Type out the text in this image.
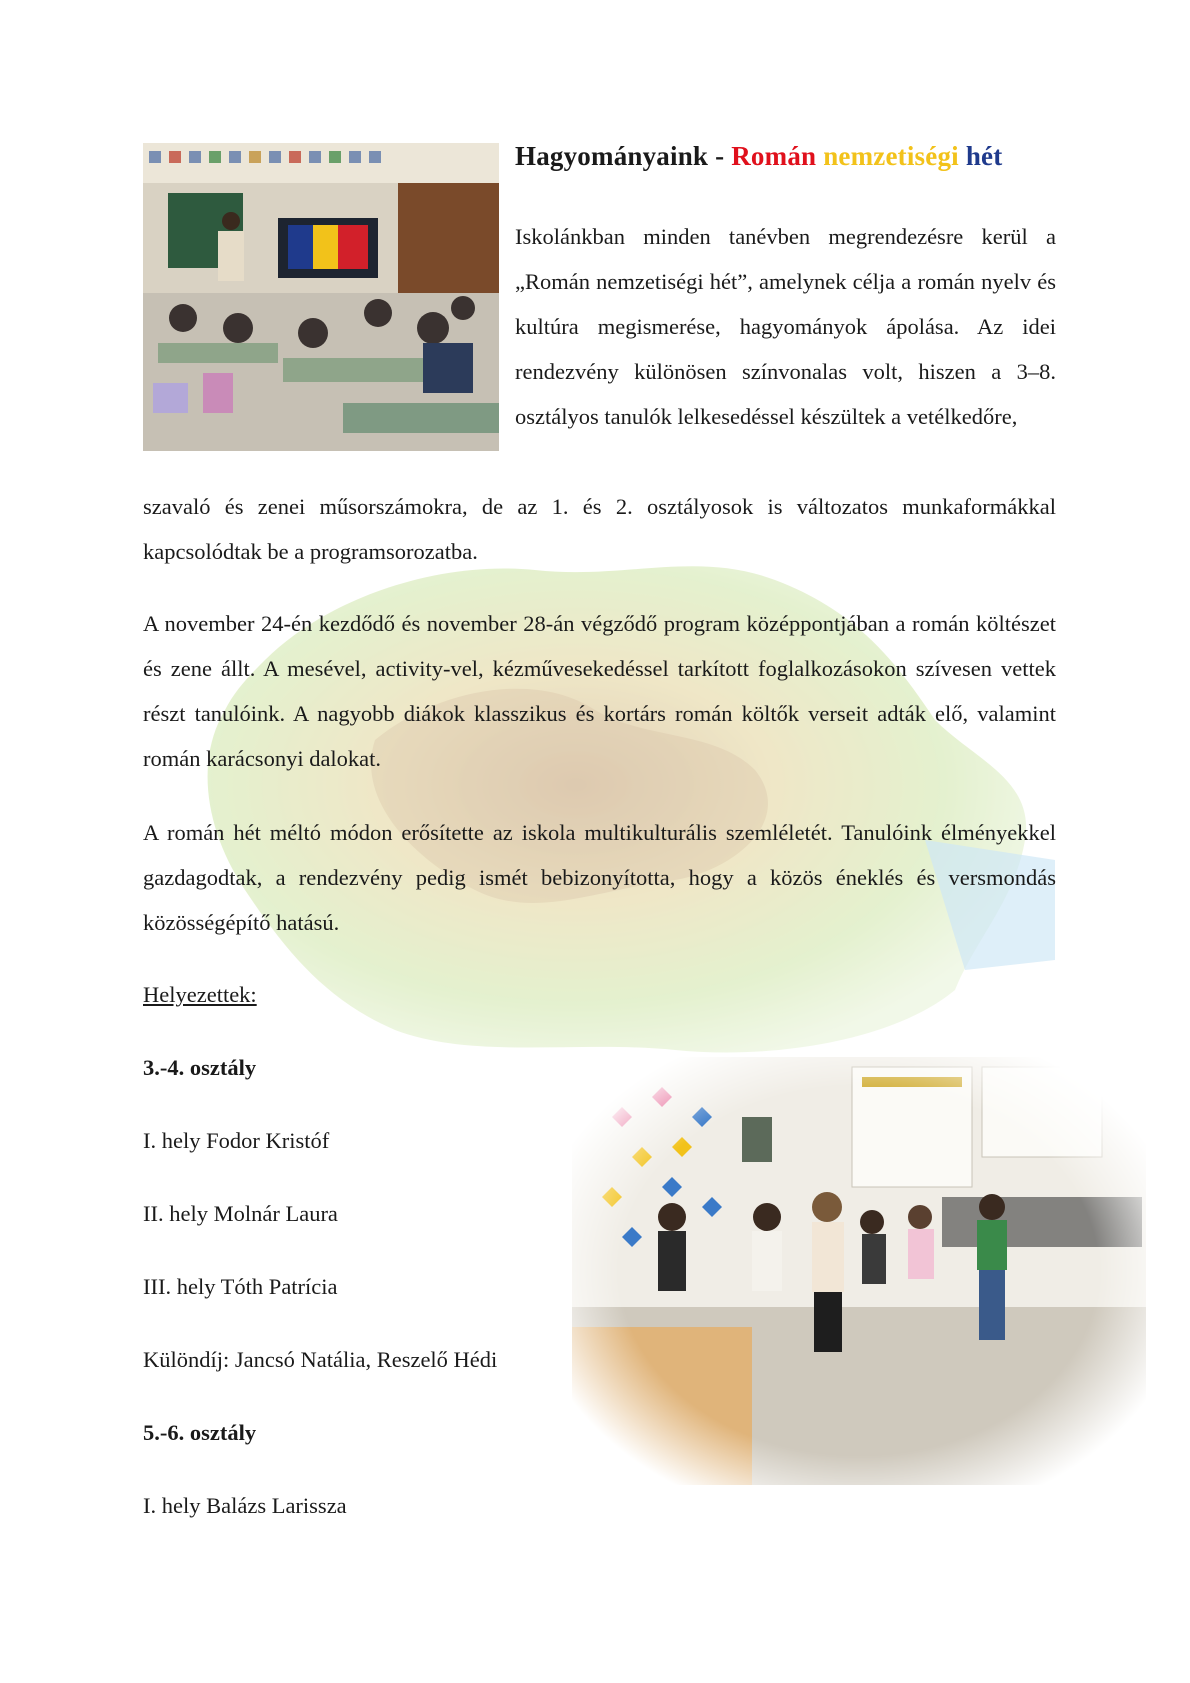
Hagyományaink - Román nemzetiségi hét

Iskolánkban minden tanévben megrendezésre kerül a „Román nemzetiségi hét”, amelynek célja a román nyelv és kultúra megismerése, hagyományok ápolása. Az idei rendezvény különösen színvonalas volt, hiszen a 3–8. osztályos tanulók lelkesedéssel készültek a vetélkedőre,

szavaló és zenei műsorszámokra, de az 1. és 2. osztályosok is változatos munkaformákkal kapcsolódtak be a programsorozatba.

A november 24-én kezdődő és november 28-án végződő program középpontjában a román költészet és zene állt. A mesével, activity-vel, kézművesekedéssel tarkított foglalkozásokon szívesen vettek részt tanulóink. A nagyobb diákok klasszikus és kortárs román költők verseit adták elő, valamint román karácsonyi dalokat.

A román hét méltó módon erősítette az iskola multikulturális szemléletét. Tanulóink élményekkel gazdagodtak, a rendezvény pedig ismét bebizonyította, hogy a közös éneklés és versmondás közösségépítő hatású.

Helyezettek:

3.-4. osztály

I. hely Fodor Kristóf

II. hely Molnár Laura

III. hely Tóth Patrícia

Különdíj: Jancsó Natália, Reszelő Hédi

5.-6. osztály

I. hely Balázs Larissza
